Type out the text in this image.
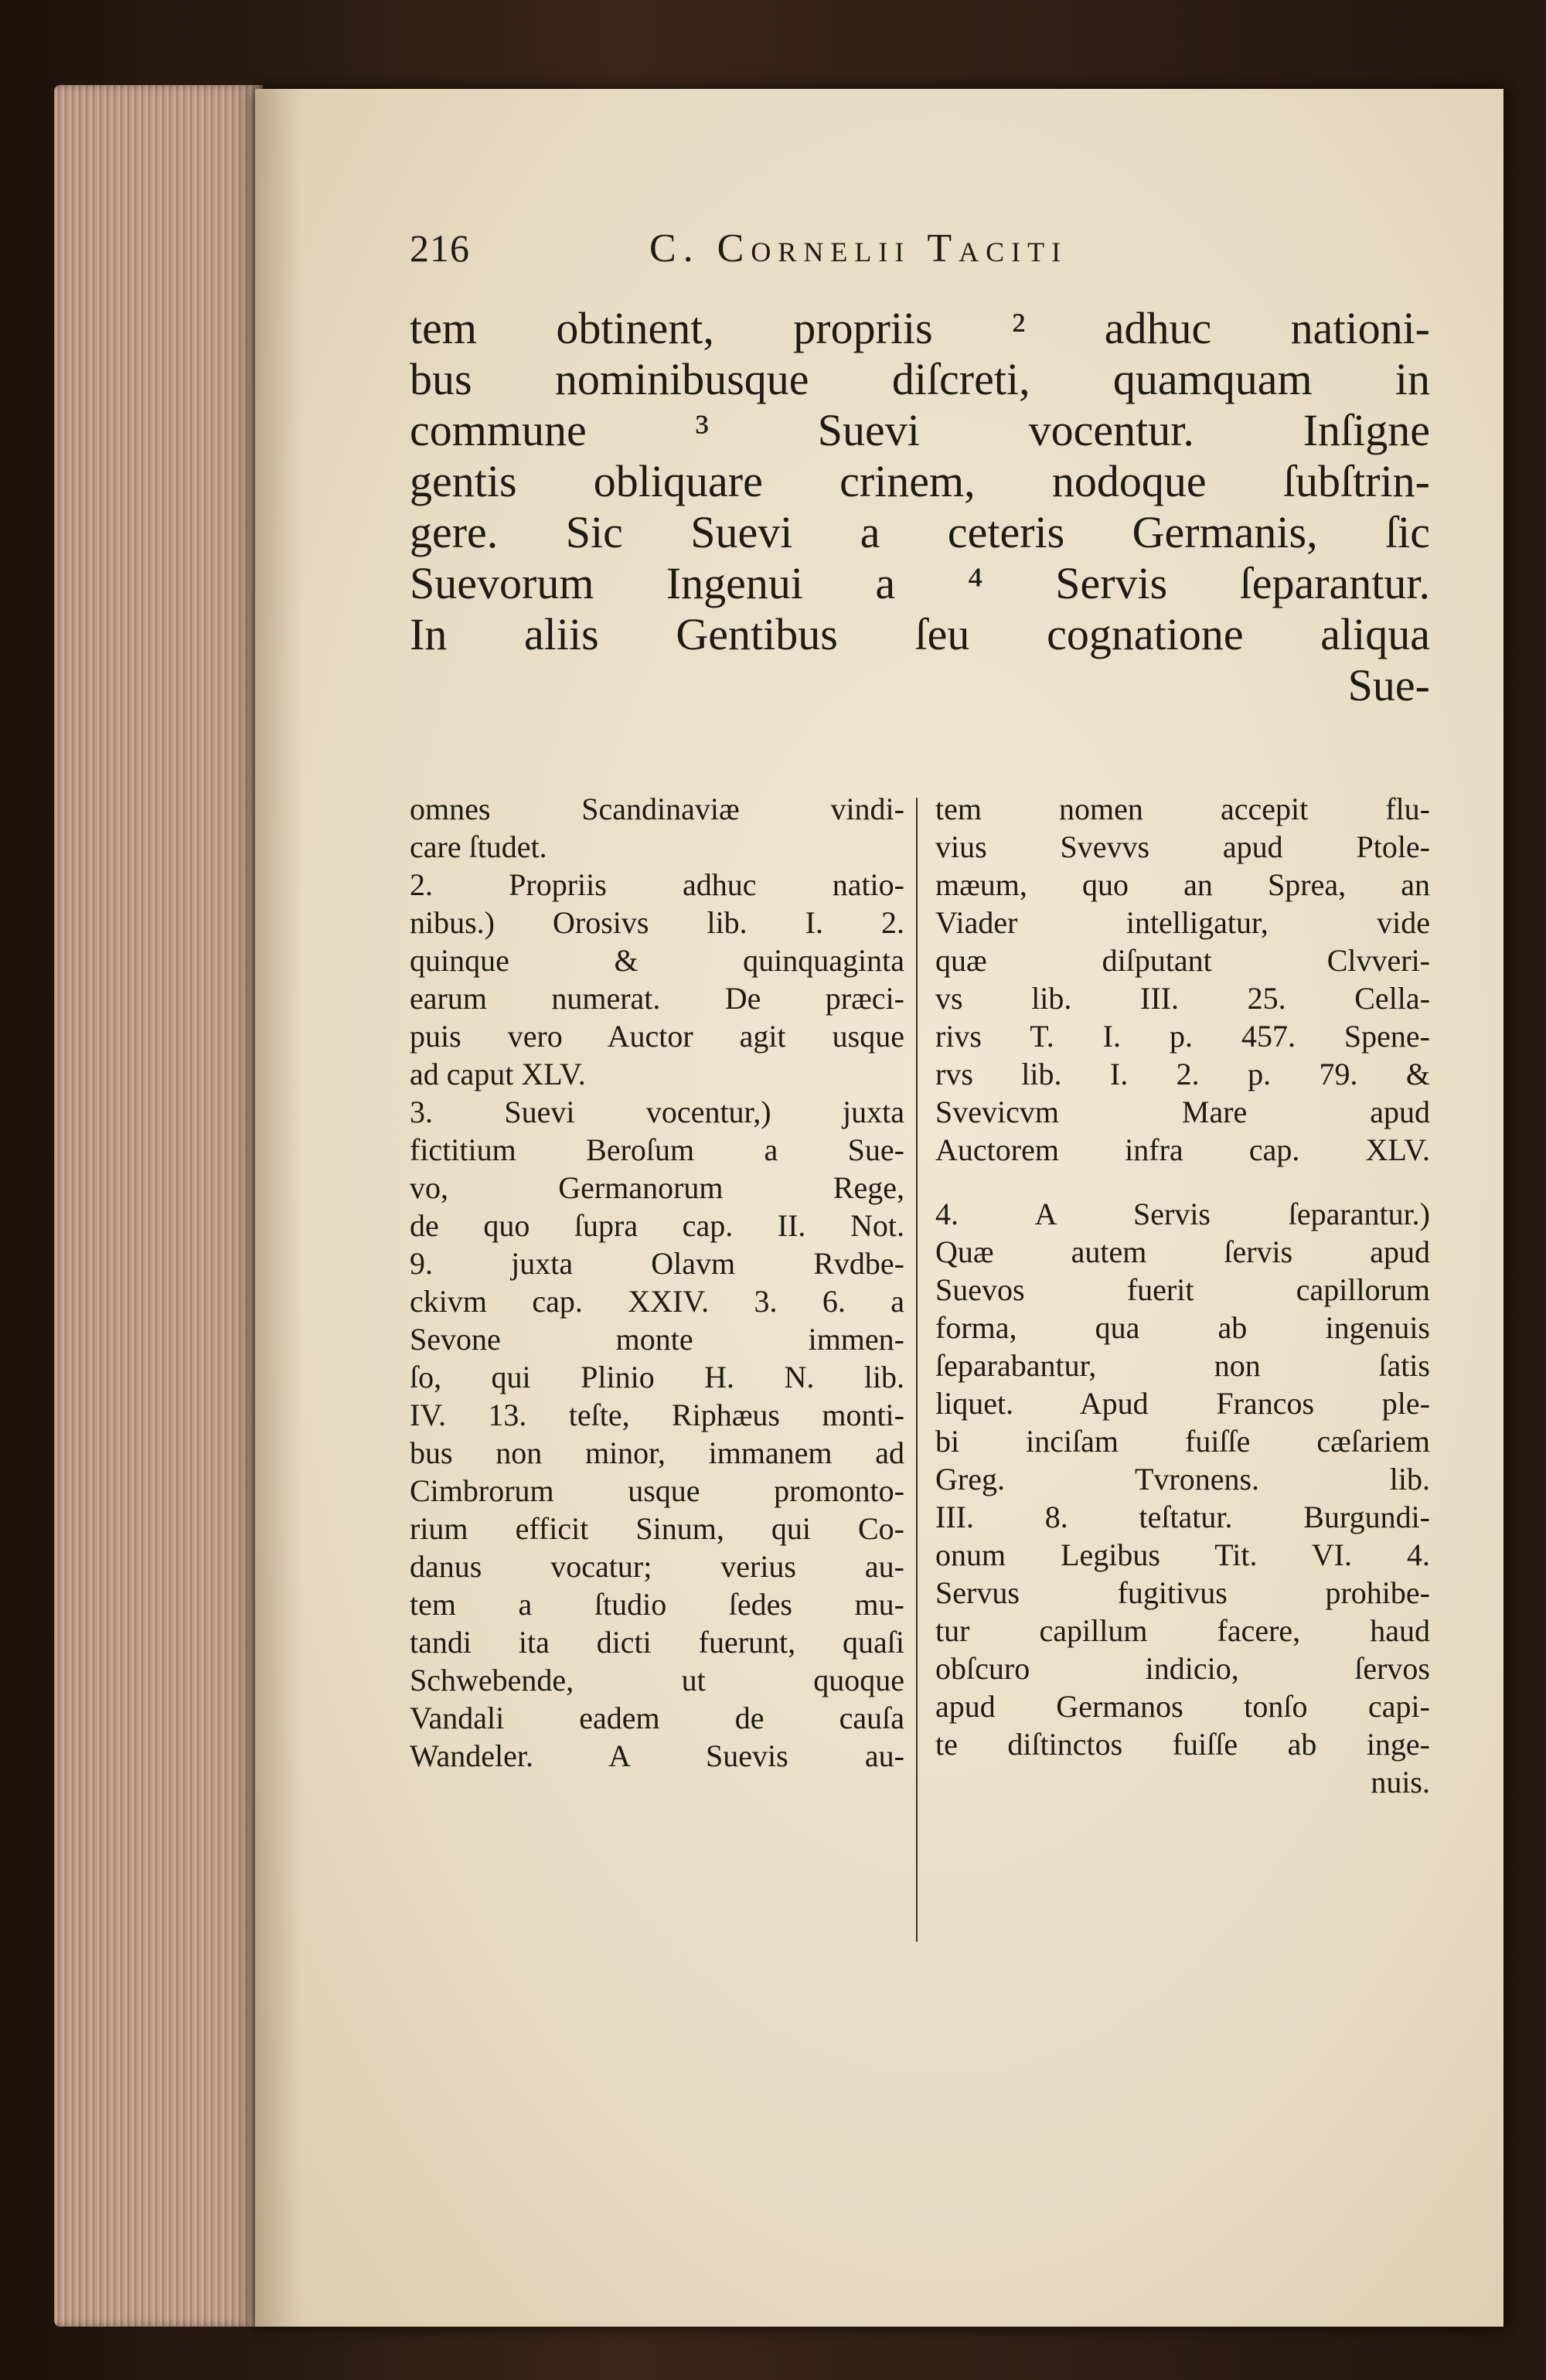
216	C. Cornelii Taciti
tem obtinent, propriis ² adhuc nationi-
bus nominibusque diſcreti, quamquam in
commune ³ Suevi vocentur. Inſigne
gentis obliquare crinem, nodoque ſubſtrin-
gere. Sic Suevi a ceteris Germanis, ſic
Suevorum Ingenui a ⁴ Servis ſeparantur.
In aliis Gentibus ſeu cognatione aliqua
Sue-
omnes Scandinaviæ vindi-
care ſtudet.
2. Propriis adhuc natio-
nibus.) Orosivs lib. I. 2.
quinque & quinquaginta
earum numerat. De præci-
puis vero Auctor agit usque
ad caput XLV.
3. Suevi vocentur,) juxta
fictitium Beroſum a Sue-
vo, Germanorum Rege,
de quo ſupra cap. II. Not.
9. juxta Olavm Rvdbe-
ckivm cap. XXIV. 3. 6. a
Sevone monte immen-
ſo, qui Plinio H. N. lib.
IV. 13. teſte, Riphæus monti-
bus non minor, immanem ad
Cimbrorum usque promonto-
rium efficit Sinum, qui Co-
danus vocatur; verius au-
tem a ſtudio ſedes mu-
tandi ita dicti fuerunt, quaſi
Schwebende, ut quoque
Vandali eadem de cauſa
Wandeler. A Suevis au-
tem nomen accepit flu-
vius Svevvs apud Ptole-
mæum, quo an Sprea, an
Viader intelligatur, vide
quæ diſputant Clvveri-
vs lib. III. 25. Cella-
rivs T. I. p. 457. Spene-
rvs lib. I. 2. p. 79. &
Svevicvm Mare apud
Auctorem infra cap. XLV.
4. A Servis ſeparantur.)
Quæ autem ſervis apud
Suevos fuerit capillorum
forma, qua ab ingenuis
ſeparabantur, non ſatis
liquet. Apud Francos ple-
bi inciſam fuiſſe cæſariem
Greg. Tvronens. lib.
III. 8. teſtatur. Burgundi-
onum Legibus Tit. VI. 4.
Servus fugitivus prohibe-
tur capillum facere, haud
obſcuro indicio, ſervos
apud Germanos tonſo capi-
te diſtinctos fuiſſe ab inge-
nuis.
